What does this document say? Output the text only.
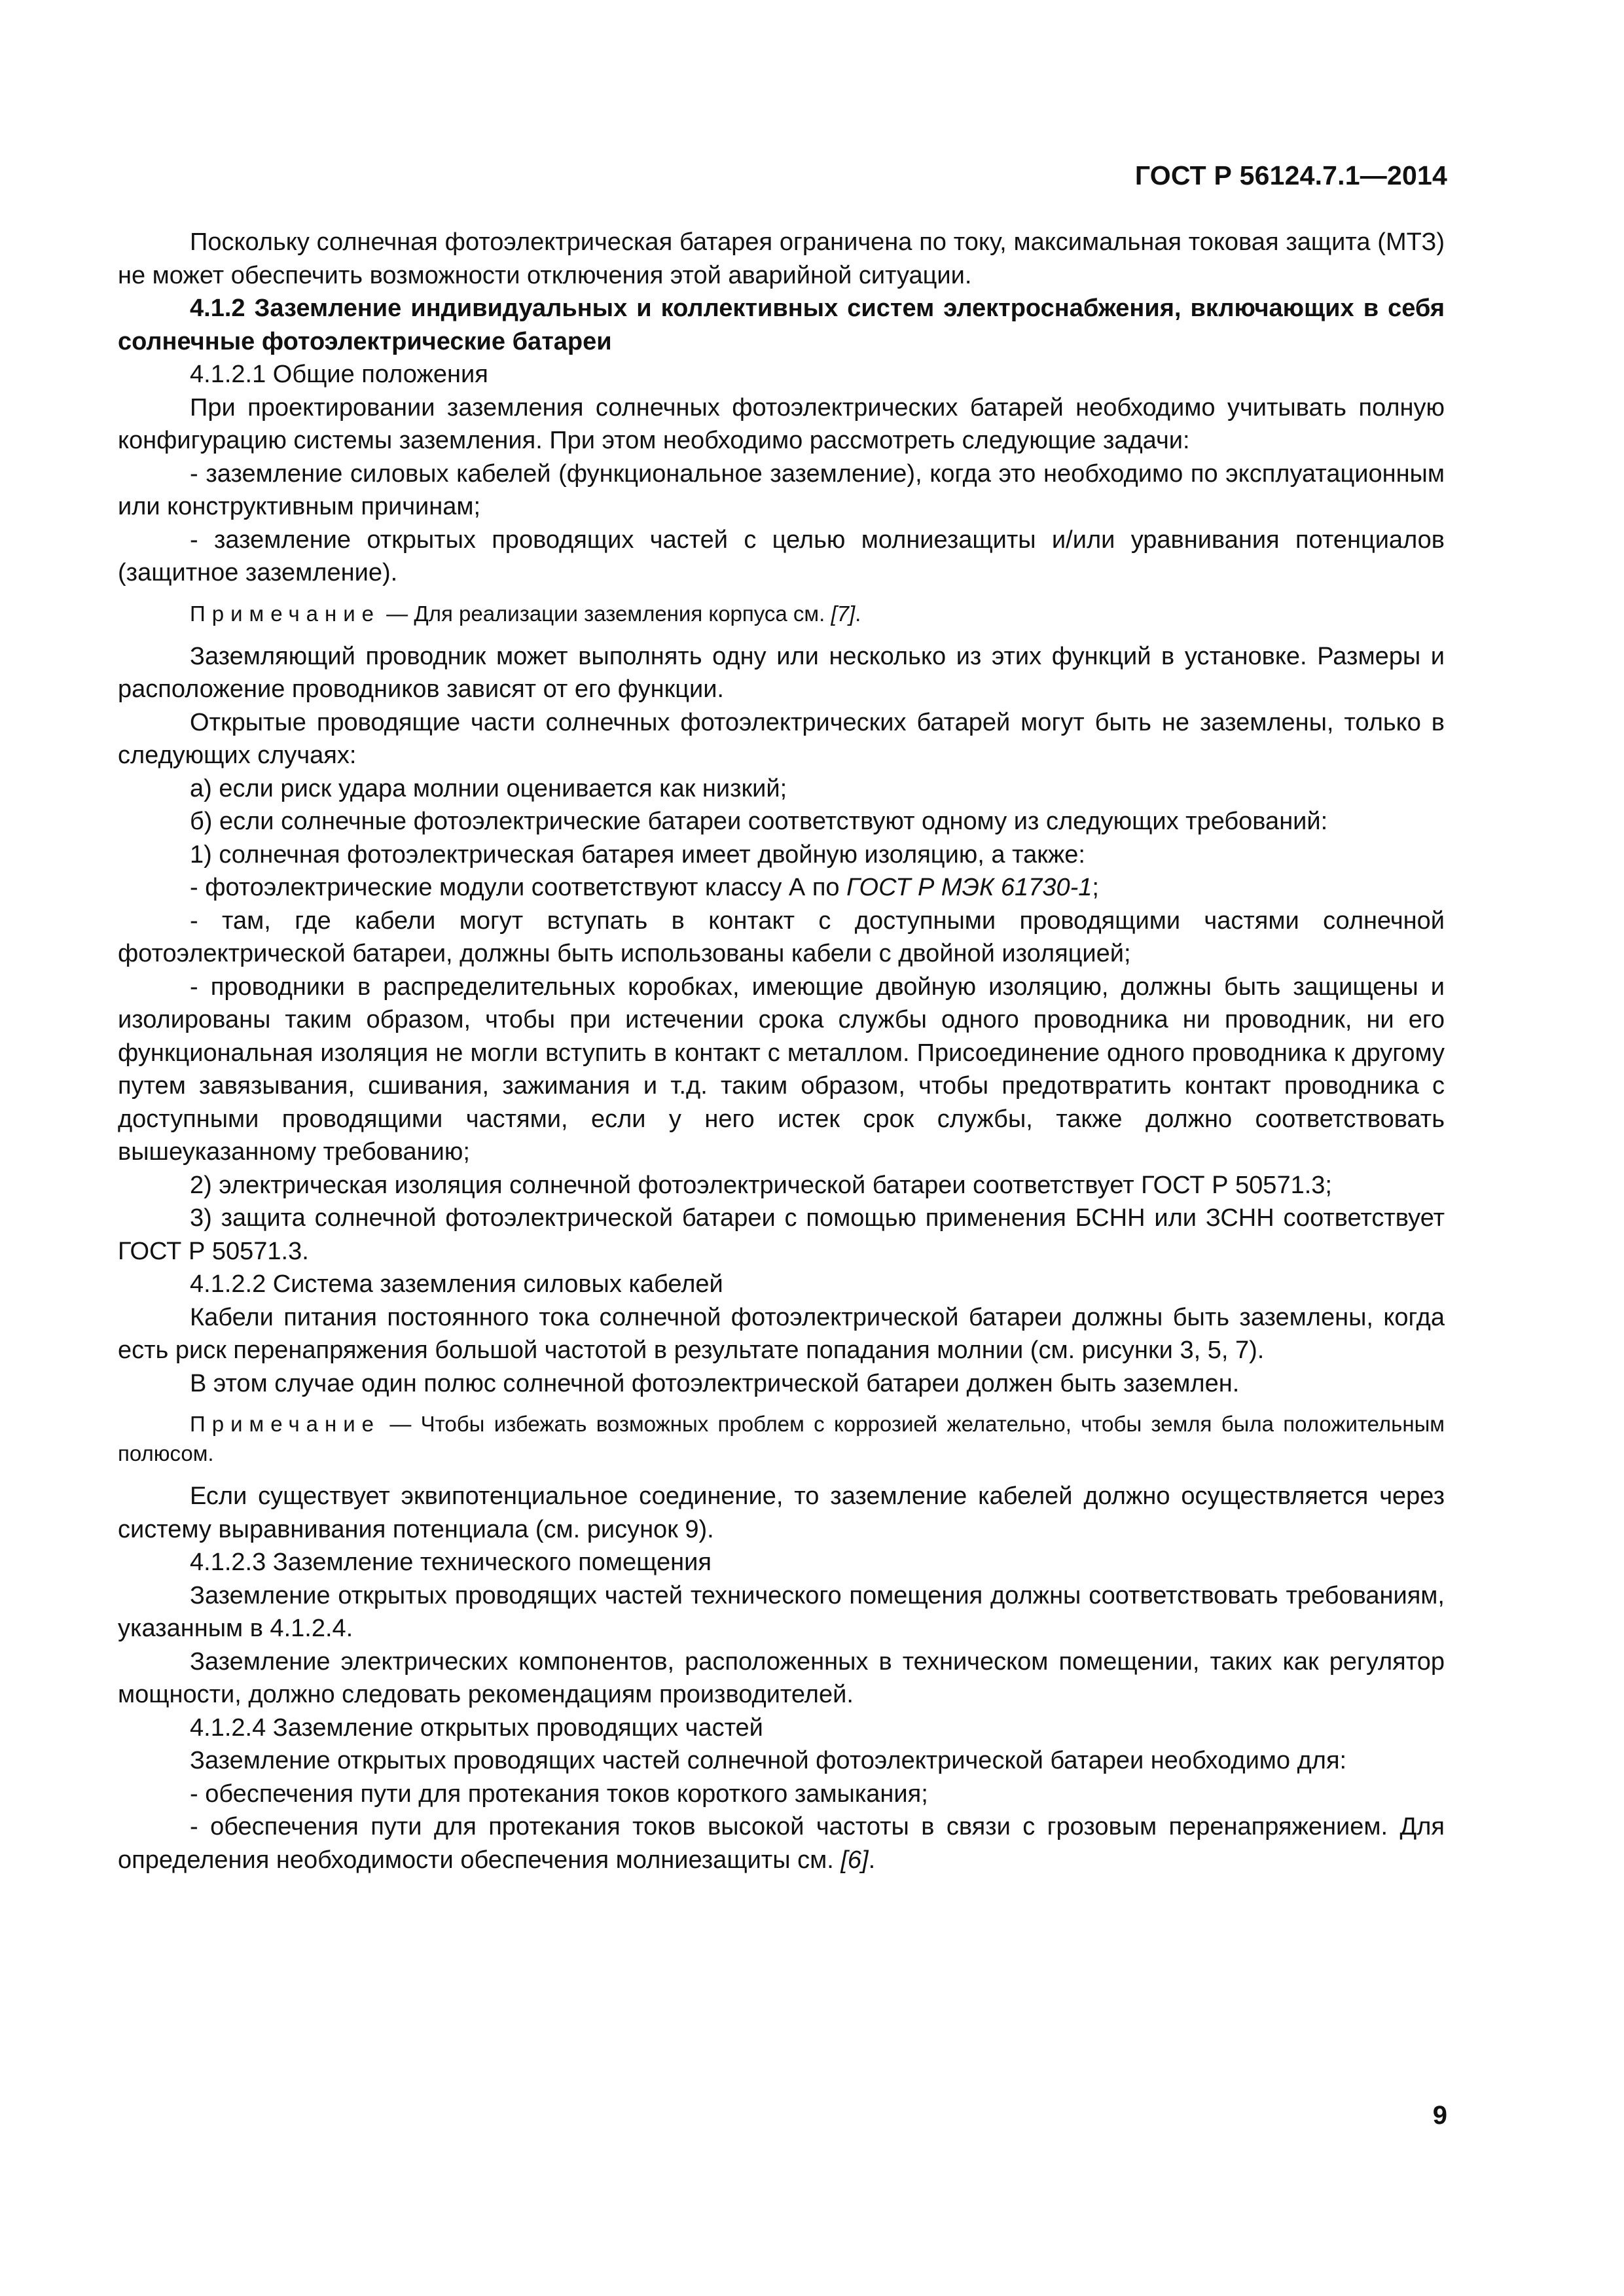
ГОСТ Р 56124.7.1—2014

Поскольку солнечная фотоэлектрическая батарея ограничена по току, максимальная токовая защита (МТЗ) не может обеспечить возможности отключения этой аварийной ситуации.

4.1.2 Заземление индивидуальных и коллективных систем электроснабжения, включающих в себя солнечные фотоэлектрические батареи

4.1.2.1 Общие положения

При проектировании заземления солнечных фотоэлектрических батарей необходимо учитывать полную конфигурацию системы заземления. При этом необходимо рассмотреть следующие задачи:

- заземление силовых кабелей (функциональное заземление), когда это необходимо по эксплуатационным или конструктивным причинам;

- заземление открытых проводящих частей с целью молниезащиты и/или уравнивания потенциалов (защитное заземление).

Примечание — Для реализации заземления корпуса см. [7].

Заземляющий проводник может выполнять одну или несколько из этих функций в установке. Размеры и расположение проводников зависят от его функции.

Открытые проводящие части солнечных фотоэлектрических батарей могут быть не заземлены, только в следующих случаях:

а) если риск удара молнии оценивается как низкий;

б) если солнечные фотоэлектрические батареи соответствуют одному из следующих требований:

1) солнечная фотоэлектрическая батарея имеет двойную изоляцию, а также:

- фотоэлектрические модули соответствуют классу А по ГОСТ Р МЭК 61730-1;

- там, где кабели могут вступать в контакт с доступными проводящими частями солнечной фотоэлектрической батареи, должны быть использованы кабели с двойной изоляцией;

- проводники в распределительных коробках, имеющие двойную изоляцию, должны быть защищены и изолированы таким образом, чтобы при истечении срока службы одного проводника ни проводник, ни его функциональная изоляция не могли вступить в контакт с металлом. Присоединение одного проводника к другому путем завязывания, сшивания, зажимания и т.д. таким образом, чтобы предотвратить контакт проводника с доступными проводящими частями, если у него истек срок службы, также должно соответствовать вышеуказанному требованию;

2) электрическая изоляция солнечной фотоэлектрической батареи соответствует ГОСТ Р 50571.3;

3) защита солнечной фотоэлектрической батареи с помощью применения БСНН или ЗСНН соответствует ГОСТ Р 50571.3.

4.1.2.2 Система заземления силовых кабелей

Кабели питания постоянного тока солнечной фотоэлектрической батареи должны быть заземлены, когда есть риск перенапряжения большой частотой в результате попадания молнии (см. рисунки 3, 5, 7).

В этом случае один полюс солнечной фотоэлектрической батареи должен быть заземлен.

Примечание — Чтобы избежать возможных проблем с коррозией желательно, чтобы земля была положительным полюсом.

Если существует эквипотенциальное соединение, то заземление кабелей должно осуществляется через систему выравнивания потенциала (см. рисунок 9).

4.1.2.3 Заземление технического помещения

Заземление открытых проводящих частей технического помещения должны соответствовать требованиям, указанным в 4.1.2.4.

Заземление электрических компонентов, расположенных в техническом помещении, таких как регулятор мощности, должно следовать рекомендациям производителей.

4.1.2.4 Заземление открытых проводящих частей

Заземление открытых проводящих частей солнечной фотоэлектрической батареи необходимо для:

- обеспечения пути для протекания токов короткого замыкания;

- обеспечения пути для протекания токов высокой частоты в связи с грозовым перенапряжением. Для определения необходимости обеспечения молниезащиты см. [6].

9
